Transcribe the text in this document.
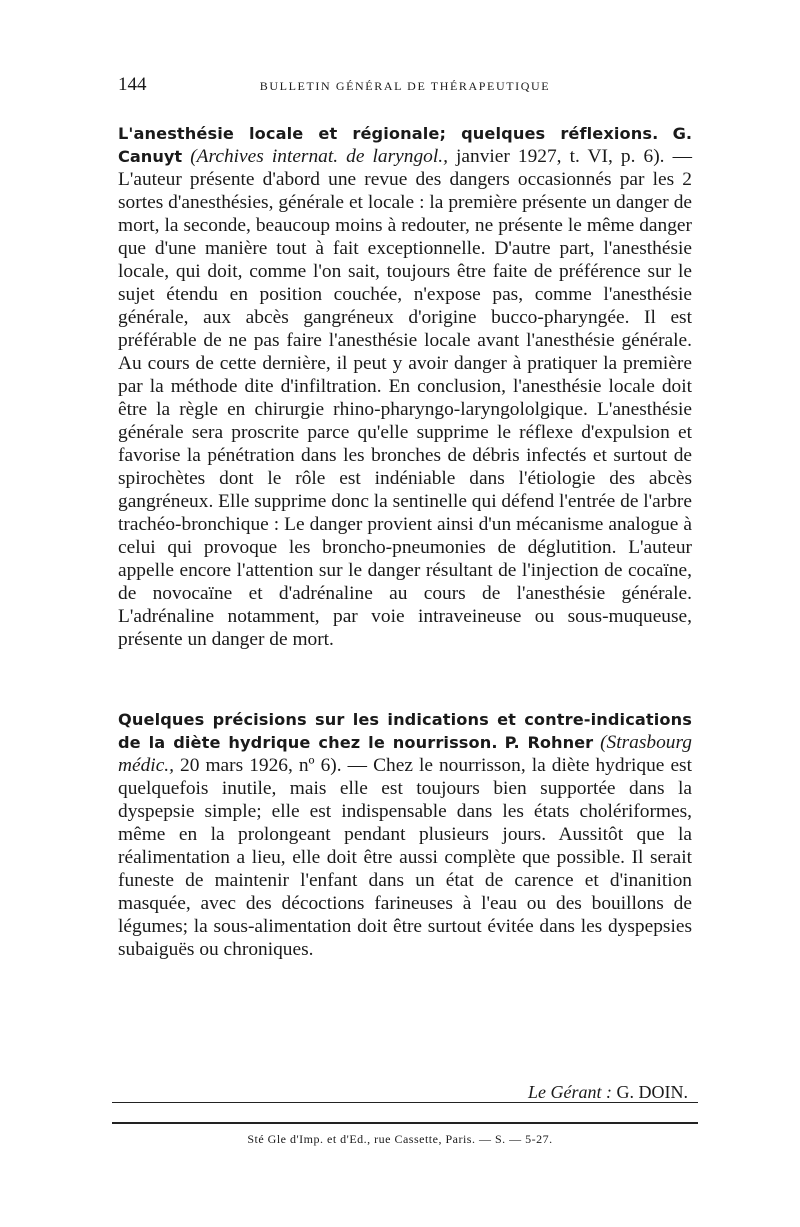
144	BULLETIN GÉNÉRAL DE THÉRAPEUTIQUE
L'anesthésie locale et régionale; quelques réflexions. G. Canuyt (Archives internat. de laryngol., janvier 1927, t. VI, p. 6). — L'auteur présente d'abord une revue des dangers occasionnés par les 2 sortes d'anesthésies, générale et locale : la première présente un danger de mort, la seconde, beaucoup moins à redouter, ne présente le même danger que d'une manière tout à fait exceptionnelle. D'autre part, l'anesthésie locale, qui doit, comme l'on sait, toujours être faite de préférence sur le sujet étendu en position couchée, n'expose pas, comme l'anesthésie générale, aux abcès gangréneux d'origine bucco-pharyngée. Il est préférable de ne pas faire l'anesthésie locale avant l'anesthésie générale. Au cours de cette dernière, il peut y avoir danger à pratiquer la première par la méthode dite d'infiltration. En conclusion, l'anesthésie locale doit être la règle en chirurgie rhino-pharyngo-laryngololgique. L'anesthésie générale sera proscrite parce qu'elle supprime le réflexe d'expulsion et favorise la pénétration dans les bronches de débris infectés et surtout de spirochètes dont le rôle est indéniable dans l'étiologie des abcès gangréneux. Elle supprime donc la sentinelle qui défend l'entrée de l'arbre trachéo-bronchique : Le danger provient ainsi d'un mécanisme analogue à celui qui provoque les broncho-pneumonies de déglutition. L'auteur appelle encore l'attention sur le danger résultant de l'injection de cocaïne, de novocaïne et d'adrénaline au cours de l'anesthésie générale. L'adrénaline notamment, par voie intraveineuse ou sous-muqueuse, présente un danger de mort.
Quelques précisions sur les indications et contre-indications de la diète hydrique chez le nourrisson. P. Rohner (Strasbourg médic., 20 mars 1926, nº 6). — Chez le nourrisson, la diète hydrique est quelquefois inutile, mais elle est toujours bien supportée dans la dyspepsie simple; elle est indispensable dans les états cholériformes, même en la prolongeant pendant plusieurs jours. Aussitôt que la réalimentation a lieu, elle doit être aussi complète que possible. Il serait funeste de maintenir l'enfant dans un état de carence et d'inanition masquée, avec des décoctions farineuses à l'eau ou des bouillons de légumes; la sous-alimentation doit être surtout évitée dans les dyspepsies subaiguës ou chroniques.
Le Gérant : G. DOIN.
Sté Gle d'Imp. et d'Ed., rue Cassette, Paris. — S. — 5-27.
